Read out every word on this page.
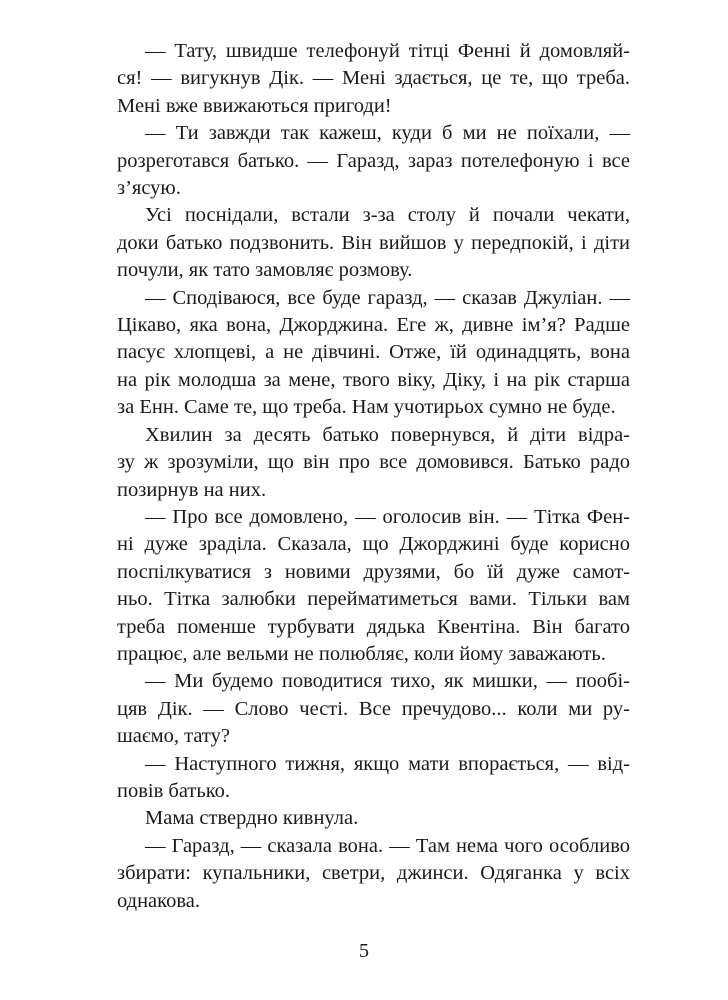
— Тату, швидше телефонуй тітці Фенні й домовляй-
ся! — вигукнув Дік. — Мені здається, це те, що треба.
Мені вже ввижаються пригоди!
— Ти завжди так кажеш, куди б ми не поїхали, —
розреготався батько. — Гаразд, зараз потелефоную і все
з’ясую.
Усі поснідали, встали з-за столу й почали чекати,
доки батько подзвонить. Він вийшов у передпокій, і діти
почули, як тато замовляє розмову.
— Сподіваюся, все буде гаразд, — сказав Джуліан. —
Цікаво, яка вона, Джорджина. Еге ж, дивне ім’я? Радше
пасує хлопцеві, а не дівчині. Отже, їй одинадцять, вона
на рік молодша за мене, твого віку, Діку, і на рік старша
за Енн. Саме те, що треба. Нам учотирьох сумно не буде.
Хвилин за десять батько повернувся, й діти відра-
зу ж зрозуміли, що він про все домовився. Батько радо
позирнув на них.
— Про все домовлено, — оголосив він. — Тітка Фен-
ні дуже зраділа. Сказала, що Джорджині буде корисно
поспілкуватися з новими друзями, бо їй дуже самот-
ньо. Тітка залюбки перейматиметься вами. Тільки вам
треба поменше турбувати дядька Квентіна. Він багато
працює, але вельми не полюбляє, коли йому заважають.
— Ми будемо поводитися тихо, як мишки, — пообі-
цяв Дік. — Слово честі. Все пречудово... коли ми ру-
шаємо, тату?
— Наступного тижня, якщо мати впорається, — від-
повів батько.
Мама ствердно кивнула.
— Гаразд, — сказала вона. — Там нема чого особливо
збирати: купальники, светри, джинси. Одяганка у всіх
однакова.
5
